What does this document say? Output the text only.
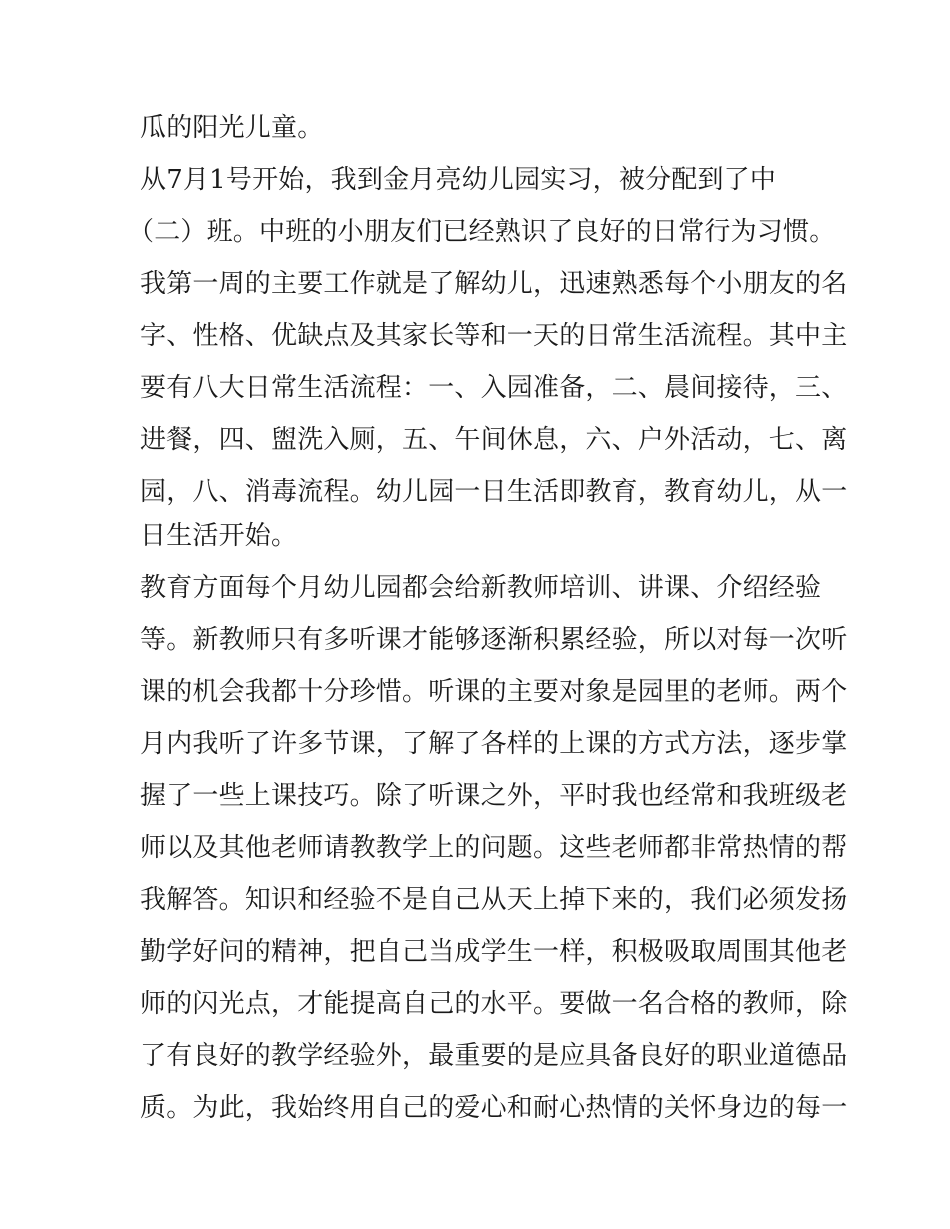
瓜的阳光儿童。
从7月1号开始，我到金月亮幼儿园实习，被分配到了中
（二）班。中班的小朋友们已经熟识了良好的日常行为习惯。
我第一周的主要工作就是了解幼儿，迅速熟悉每个小朋友的名
字、性格、优缺点及其家长等和一天的日常生活流程。其中主
要有八大日常生活流程：一、入园准备，二、晨间接待，三、
进餐，四、盥洗入厕，五、午间休息，六、户外活动，七、离
园，八、消毒流程。幼儿园一日生活即教育，教育幼儿，从一
日生活开始。
教育方面每个月幼儿园都会给新教师培训、讲课、介绍经验
等。新教师只有多听课才能够逐渐积累经验，所以对每一次听
课的机会我都十分珍惜。听课的主要对象是园里的老师。两个
月内我听了许多节课，了解了各样的上课的方式方法，逐步掌
握了一些上课技巧。除了听课之外，平时我也经常和我班级老
师以及其他老师请教教学上的问题。这些老师都非常热情的帮
我解答。知识和经验不是自己从天上掉下来的，我们必须发扬
勤学好问的精神，把自己当成学生一样，积极吸取周围其他老
师的闪光点，才能提高自己的水平。要做一名合格的教师，除
了有良好的教学经验外，最重要的是应具备良好的职业道德品
质。为此，我始终用自己的爱心和耐心热情的关怀身边的每一
